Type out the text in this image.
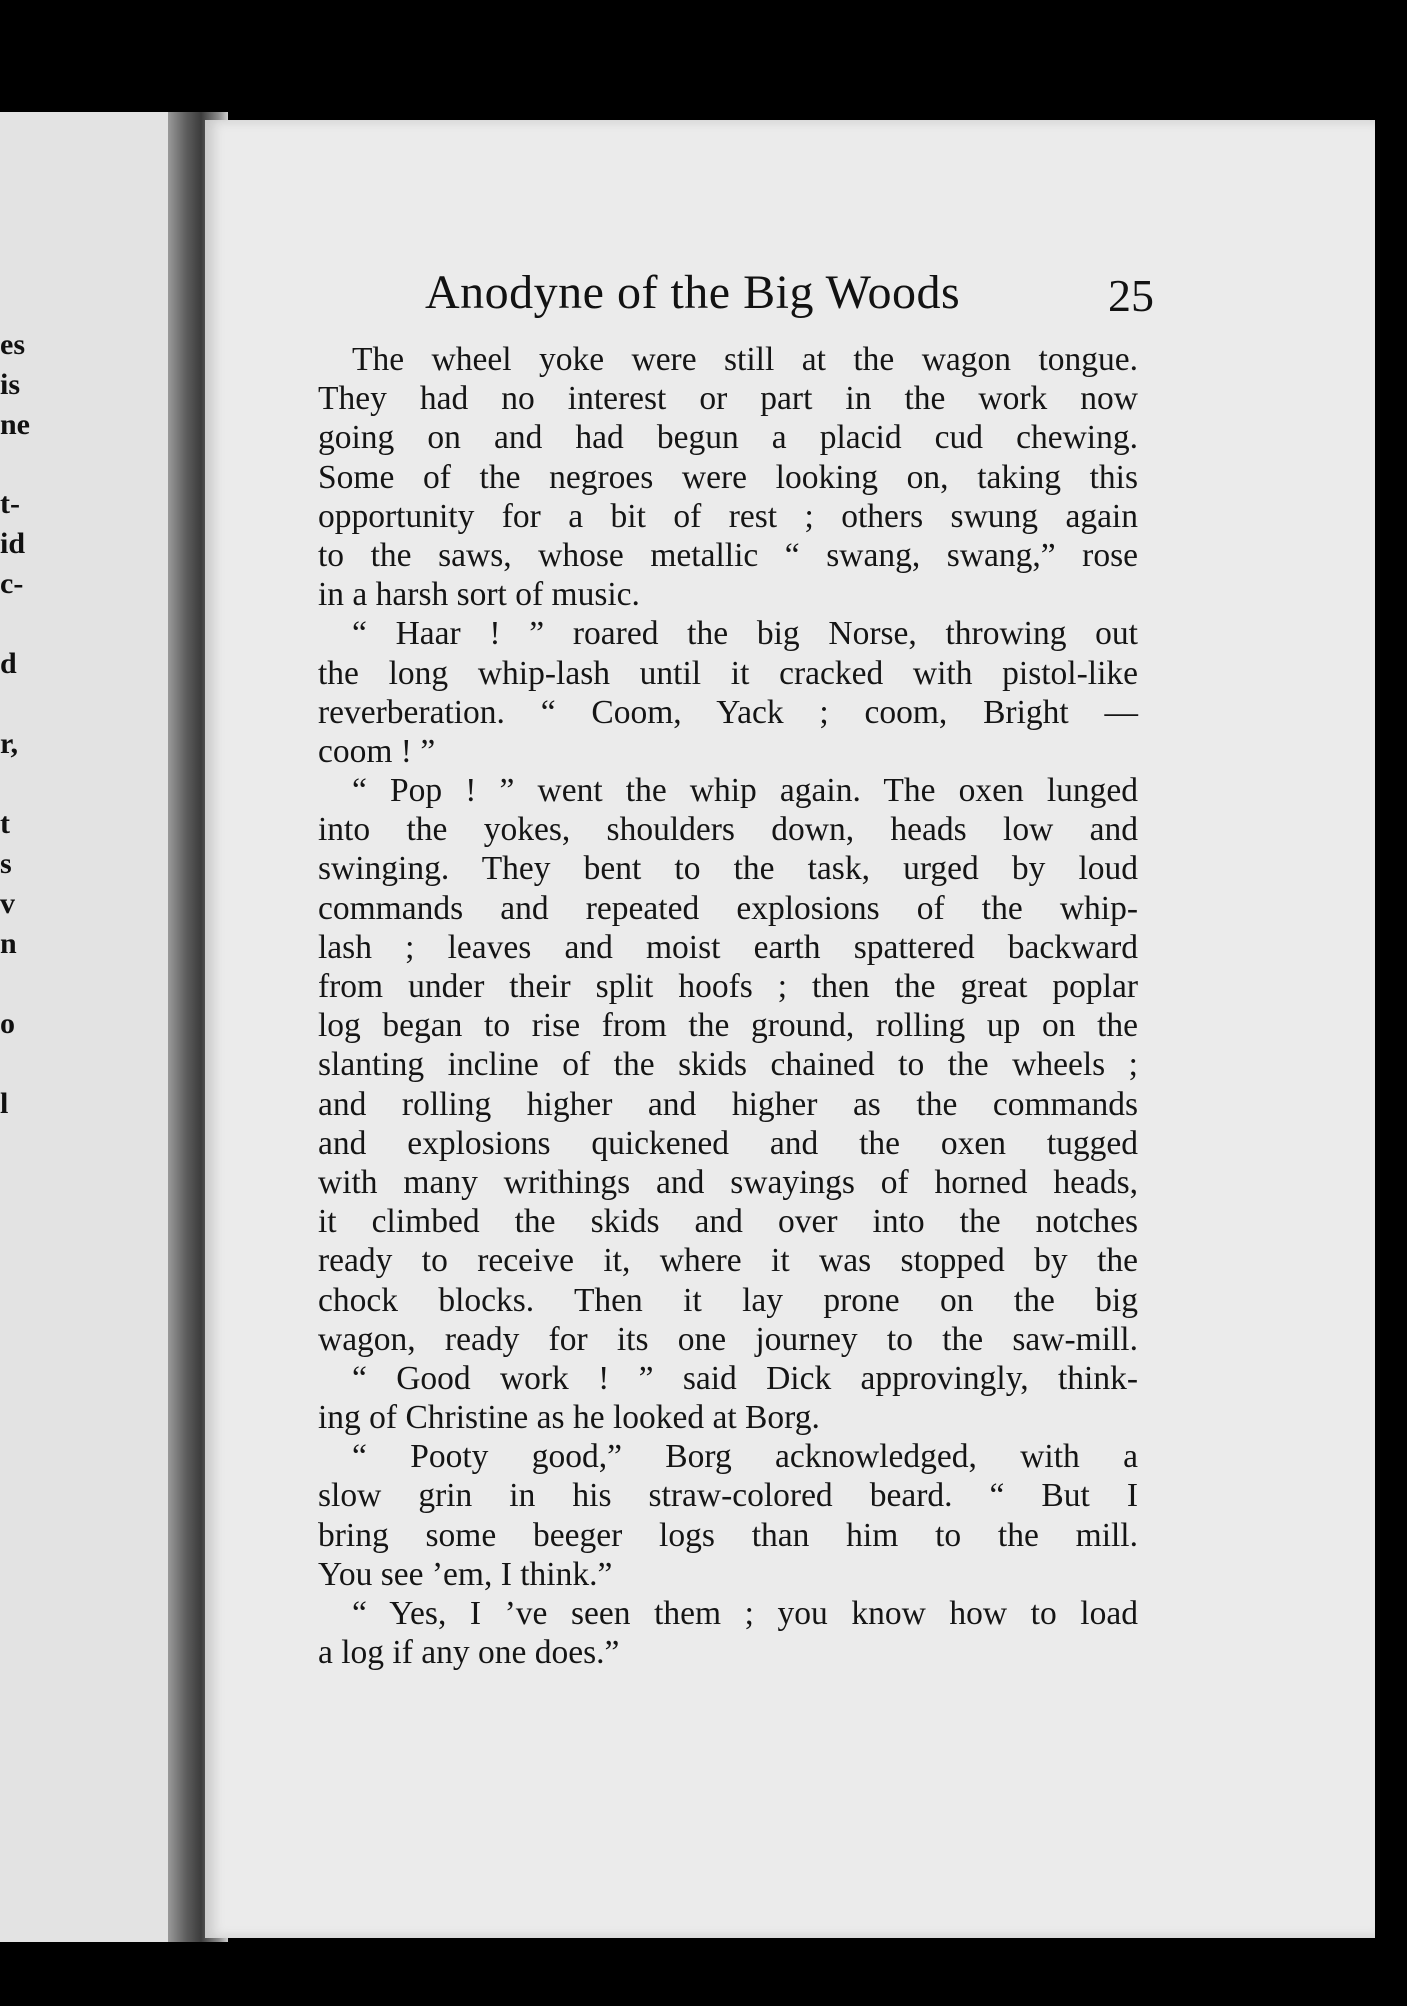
es
is
ne
t-
id
c-
d
r,
t
s
v
n
o
l
Anodyne of the Big Woods	25
The wheel yoke were still at the wagon tongue.
They had no interest or part in the work now
going on and had begun a placid cud chewing.
Some of the negroes were looking on, taking this
opportunity for a bit of rest ; others swung again
to the saws, whose metallic “ swang, swang,” rose
in a harsh sort of music.
“ Haar ! ” roared the big Norse, throwing out
the long whip-lash until it cracked with pistol-like
reverberation. “ Coom, Yack ; coom, Bright —
coom ! ”
“ Pop ! ” went the whip again. The oxen lunged
into the yokes, shoulders down, heads low and
swinging. They bent to the task, urged by loud
commands and repeated explosions of the whip-
lash ; leaves and moist earth spattered backward
from under their split hoofs ; then the great poplar
log began to rise from the ground, rolling up on the
slanting incline of the skids chained to the wheels ;
and rolling higher and higher as the commands
and explosions quickened and the oxen tugged
with many writhings and swayings of horned heads,
it climbed the skids and over into the notches
ready to receive it, where it was stopped by the
chock blocks. Then it lay prone on the big
wagon, ready for its one journey to the saw-mill.
“ Good work ! ” said Dick approvingly, think-
ing of Christine as he looked at Borg.
“ Pooty good,” Borg acknowledged, with a
slow grin in his straw-colored beard. “ But I
bring some beeger logs than him to the mill.
You see ’em, I think.”
“ Yes, I ’ve seen them ; you know how to load
a log if any one does.”
